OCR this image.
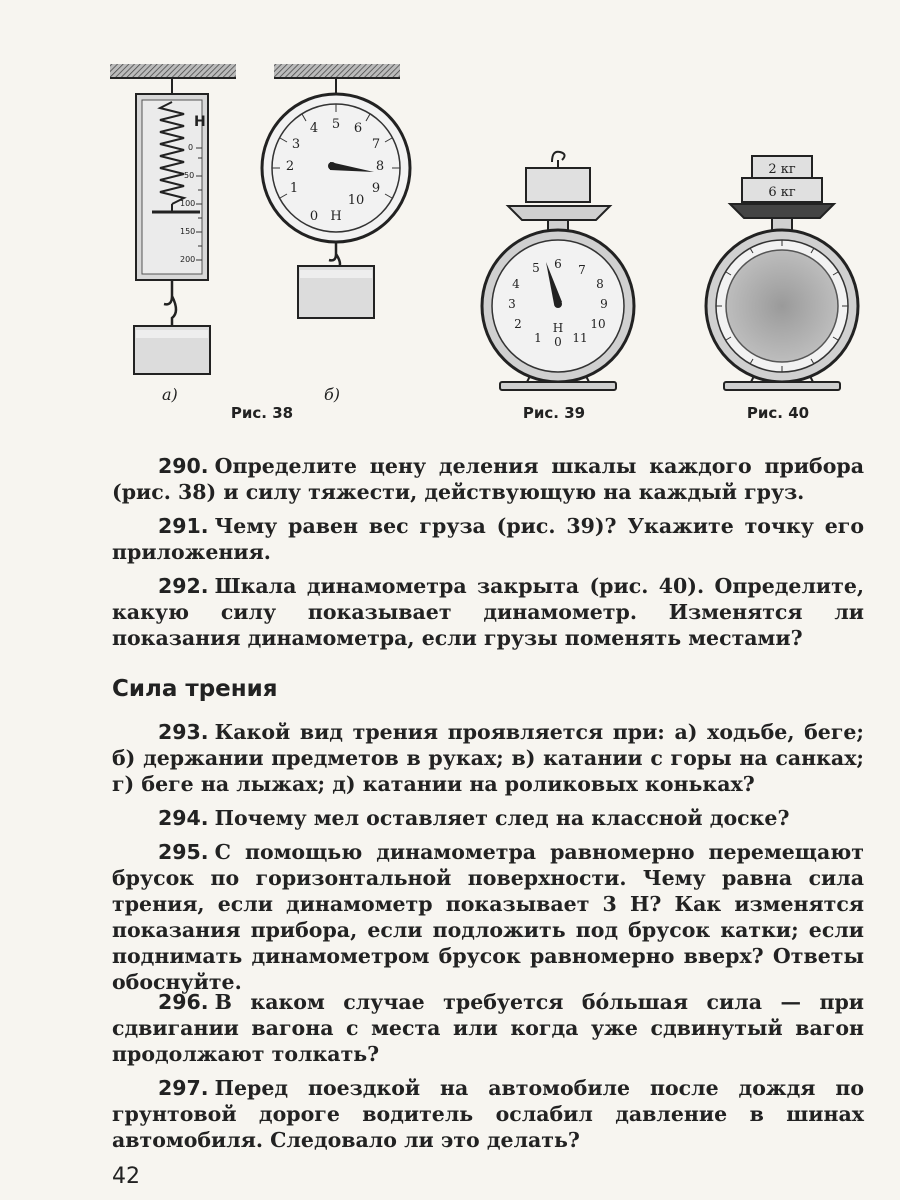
Н
0
50
100
150
200
0
1
2
3
4 5 6
7
8
9
10
Н
а)	б)
Рис. 38
0
1
2
3
4
5 6 7
8
9
10
11
Н
Рис. 39
2 кг
6 кг
Рис. 40

290. Определите цену деления шкалы каждого прибора (рис. 38) и силу тяжести, действующую на каждый груз.

291. Чему равен вес груза (рис. 39)? Укажите точку его приложения.

292. Шкала динамометра закрыта (рис. 40). Определите, какую силу показывает динамометр. Изменятся ли показания динамометра, если грузы поменять местами?

Сила трения

293. Какой вид трения проявляется при: а) ходьбе, беге; б) держании предметов в руках; в) катании с горы на санках; г) беге на лыжах; д) катании на роликовых коньках?

294. Почему мел оставляет след на классной доске?

295. С помощью динамометра равномерно перемещают брусок по горизонтальной поверхности. Чему равна сила трения, если динамометр показывает 3 Н? Как изменятся показания прибора, если подложить под брусок катки; если поднимать динамометром брусок равномерно вверх? Ответы обоснуйте.

296. В каком случае требуется бóльшая сила — при сдвигании вагона с места или когда уже сдвинутый вагон продолжают толкать?

297. Перед поездкой на автомобиле после дождя по грунтовой дороге водитель ослабил давление в шинах автомобиля. Следовало ли это делать?

42
